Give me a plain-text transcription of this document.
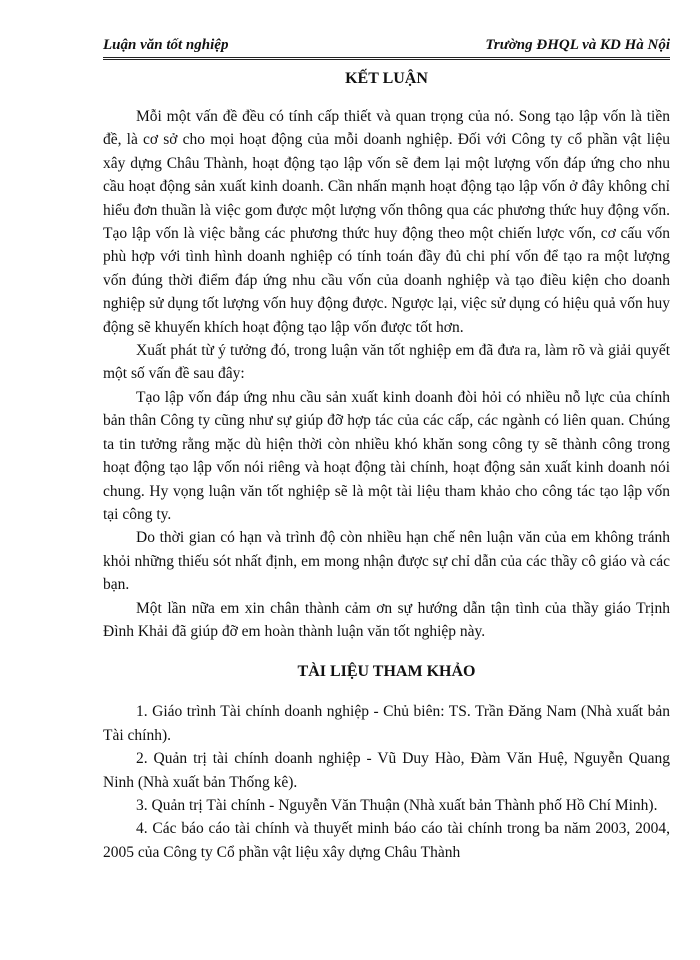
Luận văn tốt nghiệp	Trường ĐHQL và KD Hà Nội
KẾT LUẬN

Mỗi một vấn đề đều có tính cấp thiết và quan trọng của nó. Song tạo lập vốn là tiền đề, là cơ sở cho mọi hoạt động của mỗi doanh nghiệp. Đối với Công ty cổ phần vật liệu xây dựng Châu Thành, hoạt động tạo lập vốn sẽ đem lại một lượng vốn đáp ứng cho nhu cầu hoạt động sản xuất kinh doanh. Cần nhấn mạnh hoạt động tạo lập vốn ở đây không chỉ hiểu đơn thuần là việc gom được một lượng vốn thông qua các phương thức huy động vốn. Tạo lập vốn là việc bằng các phương thức huy động theo một chiến lược vốn, cơ cấu vốn phù hợp với tình hình doanh nghiệp có tính toán đầy đủ chi phí vốn để tạo ra một lượng vốn đúng thời điểm đáp ứng nhu cầu vốn của doanh nghiệp và tạo điều kiện cho doanh nghiệp sử dụng tốt lượng vốn huy động được. Ngược lại, việc sử dụng có hiệu quả vốn huy động sẽ khuyến khích hoạt động tạo lập vốn được tốt hơn.

Xuất phát từ ý tưởng đó, trong luận văn tốt nghiệp em đã đưa ra, làm rõ và giải quyết một số vấn đề sau đây:

Tạo lập vốn đáp ứng nhu cầu sản xuất kinh doanh đòi hỏi có nhiều nỗ lực của chính bản thân Công ty cũng như sự giúp đỡ hợp tác của các cấp, các ngành có liên quan. Chúng ta tin tưởng rằng mặc dù hiện thời còn nhiều khó khăn song công ty sẽ thành công trong hoạt động tạo lập vốn nói riêng và hoạt động tài chính, hoạt động sản xuất kinh doanh nói chung. Hy vọng luận văn tốt nghiệp sẽ là một tài liệu tham khảo cho công tác tạo lập vốn tại công ty.

Do thời gian có hạn và trình độ còn nhiều hạn chế nên luận văn của em không tránh khỏi những thiếu sót nhất định, em mong nhận được sự chỉ dẫn của các thầy cô giáo và các bạn.

Một lần nữa em xin chân thành cảm ơn sự hướng dẫn tận tình của thầy giáo Trịnh Đình Khải đã giúp đỡ em hoàn thành luận văn tốt nghiệp này.

TÀI LIỆU THAM KHẢO

1. Giáo trình Tài chính doanh nghiệp - Chủ biên: TS. Trần Đăng Nam (Nhà xuất bản Tài chính).

2. Quản trị tài chính doanh nghiệp - Vũ Duy Hào, Đàm Văn Huệ, Nguyễn Quang Ninh (Nhà xuất bản Thống kê).

3. Quản trị Tài chính - Nguyễn Văn Thuận (Nhà xuất bản Thành phố Hồ Chí Minh).

4. Các báo cáo tài chính và thuyết minh báo cáo tài chính trong ba năm 2003, 2004, 2005 của Công ty Cổ phần vật liệu xây dựng Châu Thành
